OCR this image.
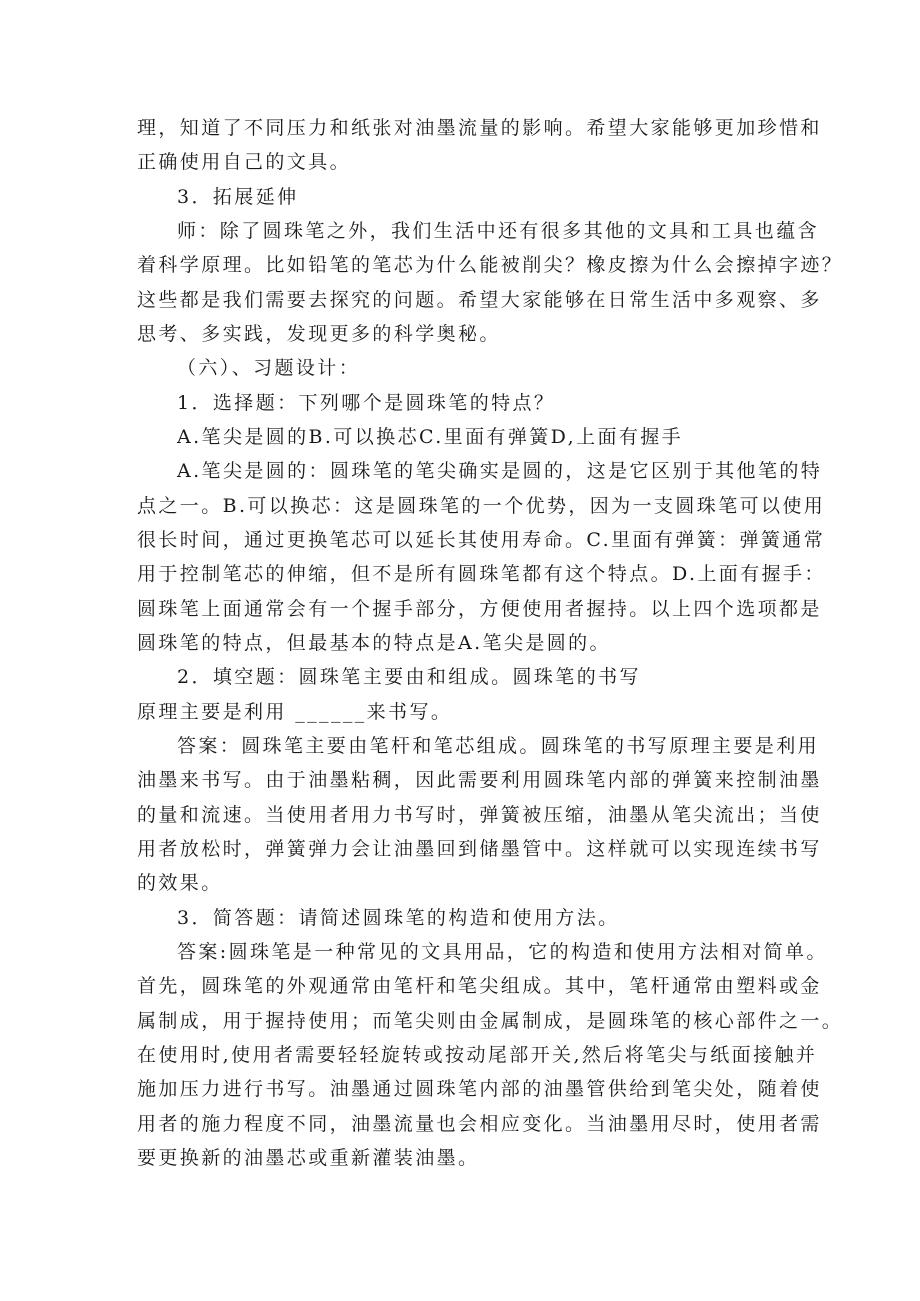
理，知道了不同压力和纸张对油墨流量的影响。希望大家能够更加珍惜和
正确使用自己的文具。
3．拓展延伸
师：除了圆珠笔之外，我们生活中还有很多其他的文具和工具也蕴含
着科学原理。比如铅笔的笔芯为什么能被削尖？橡皮擦为什么会擦掉字迹？
这些都是我们需要去探究的问题。希望大家能够在日常生活中多观察、多
思考、多实践，发现更多的科学奥秘。
（六）、习题设计：
1．选择题：下列哪个是圆珠笔的特点？
A.笔尖是圆的B.可以换芯C.里面有弹簧D,上面有握手
A.笔尖是圆的：圆珠笔的笔尖确实是圆的，这是它区别于其他笔的特
点之一。B.可以换芯：这是圆珠笔的一个优势，因为一支圆珠笔可以使用
很长时间，通过更换笔芯可以延长其使用寿命。C.里面有弹簧：弹簧通常
用于控制笔芯的伸缩，但不是所有圆珠笔都有这个特点。D.上面有握手：
圆珠笔上面通常会有一个握手部分，方便使用者握持。以上四个选项都是
圆珠笔的特点，但最基本的特点是A.笔尖是圆的。
2．填空题：圆珠笔主要由和组成。圆珠笔的书写
原理主要是利用 ______来书写。
答案：圆珠笔主要由笔杆和笔芯组成。圆珠笔的书写原理主要是利用
油墨来书写。由于油墨粘稠，因此需要利用圆珠笔内部的弹簧来控制油墨
的量和流速。当使用者用力书写时，弹簧被压缩，油墨从笔尖流出；当使
用者放松时，弹簧弹力会让油墨回到储墨管中。这样就可以实现连续书写
的效果。
3．简答题：请简述圆珠笔的构造和使用方法。
答案:圆珠笔是一种常见的文具用品，它的构造和使用方法相对简单。
首先，圆珠笔的外观通常由笔杆和笔尖组成。其中，笔杆通常由塑料或金
属制成，用于握持使用；而笔尖则由金属制成，是圆珠笔的核心部件之一。
在使用时,使用者需要轻轻旋转或按动尾部开关,然后将笔尖与纸面接触并
施加压力进行书写。油墨通过圆珠笔内部的油墨管供给到笔尖处，随着使
用者的施力程度不同，油墨流量也会相应变化。当油墨用尽时，使用者需
要更换新的油墨芯或重新灌装油墨。
